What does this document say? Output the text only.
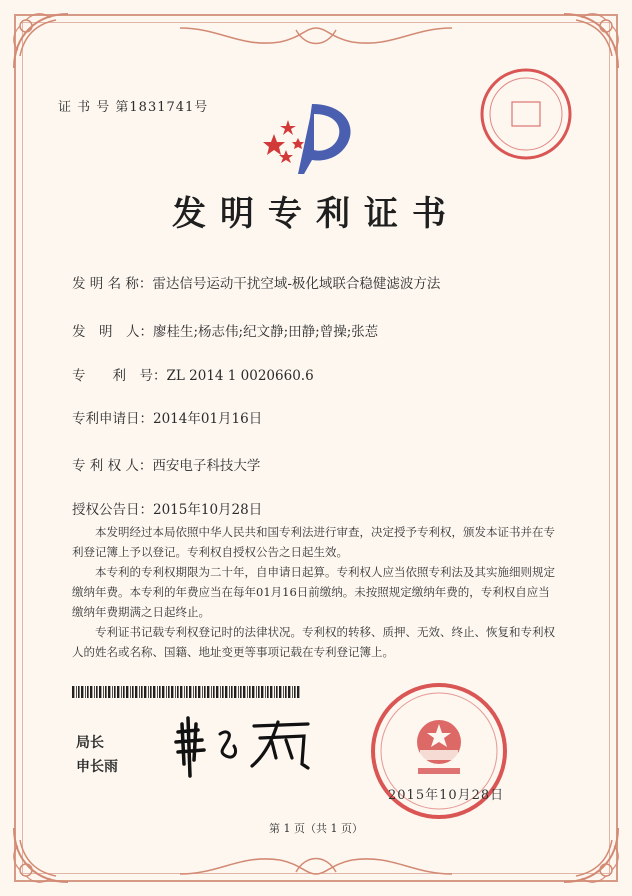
证 书 号 第1831741号
发明专利证书
发 明 名 称：雷达信号运动干扰空域-极化域联合稳健滤波方法
发　明　人：廖桂生;杨志伟;纪文静;田静;曾操;张莣
专　　利　号：ZL 2014 1 0020660.6
专利申请日：2014年01月16日
专 利 权 人：西安电子科技大学
授权公告日：2015年10月28日

本发明经过本局依照中华人民共和国专利法进行审查，决定授予专利权，颁发本证书并在专利登记簿上予以登记。专利权自授权公告之日起生效。

本专利的专利权期限为二十年，自申请日起算。专利权人应当依照专利法及其实施细则规定缴纳年费。本专利的年费应当在每年01月16日前缴纳。未按照规定缴纳年费的，专利权自应当缴纳年费期满之日起终止。

专利证书记载专利权登记时的法律状况。专利权的转移、质押、无效、终止、恢复和专利权人的姓名或名称、国籍、地址变更等事项记载在专利登记簿上。

局长
申长雨
2015年10月28日
第 1 页（共 1 页）
